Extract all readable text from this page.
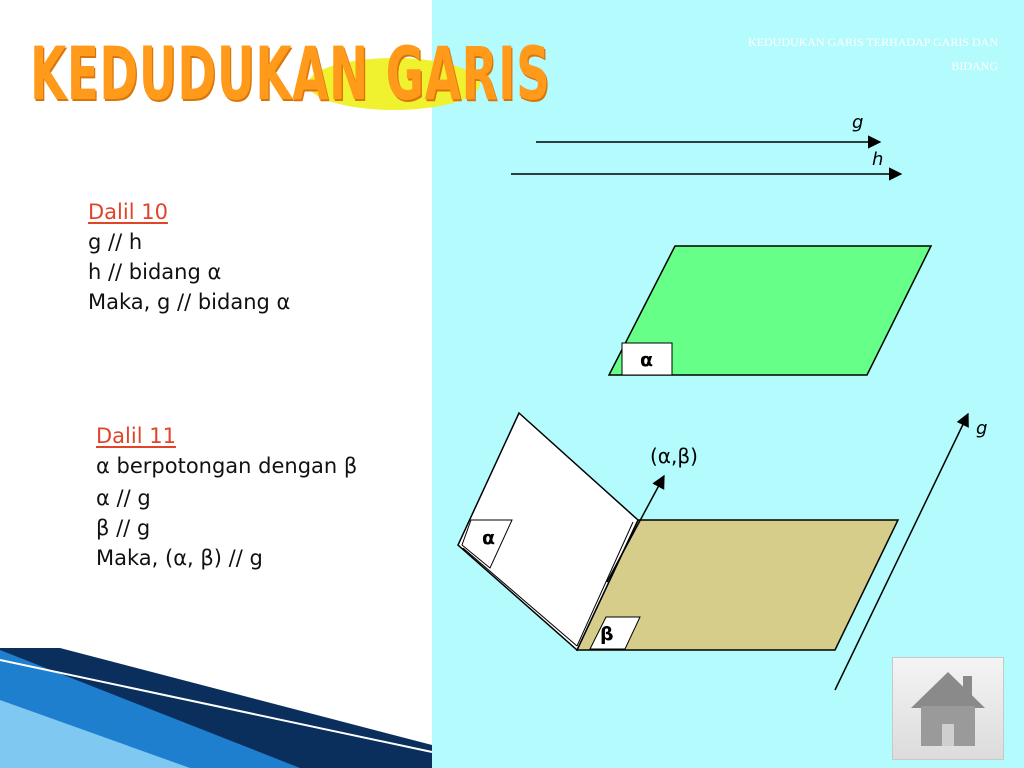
KEDUDUKAN GARIS TERHADAP GARIS DAN
BIDANG
KEDUDUKAN GARIS
Dalil 10
g // h
h // bidang α
Maka, g // bidang α
Dalil 11
α berpotongan dengan β
α // g
β // g
Maka, (α, β) // g
g
h
α
α
β
(α,β)
g
